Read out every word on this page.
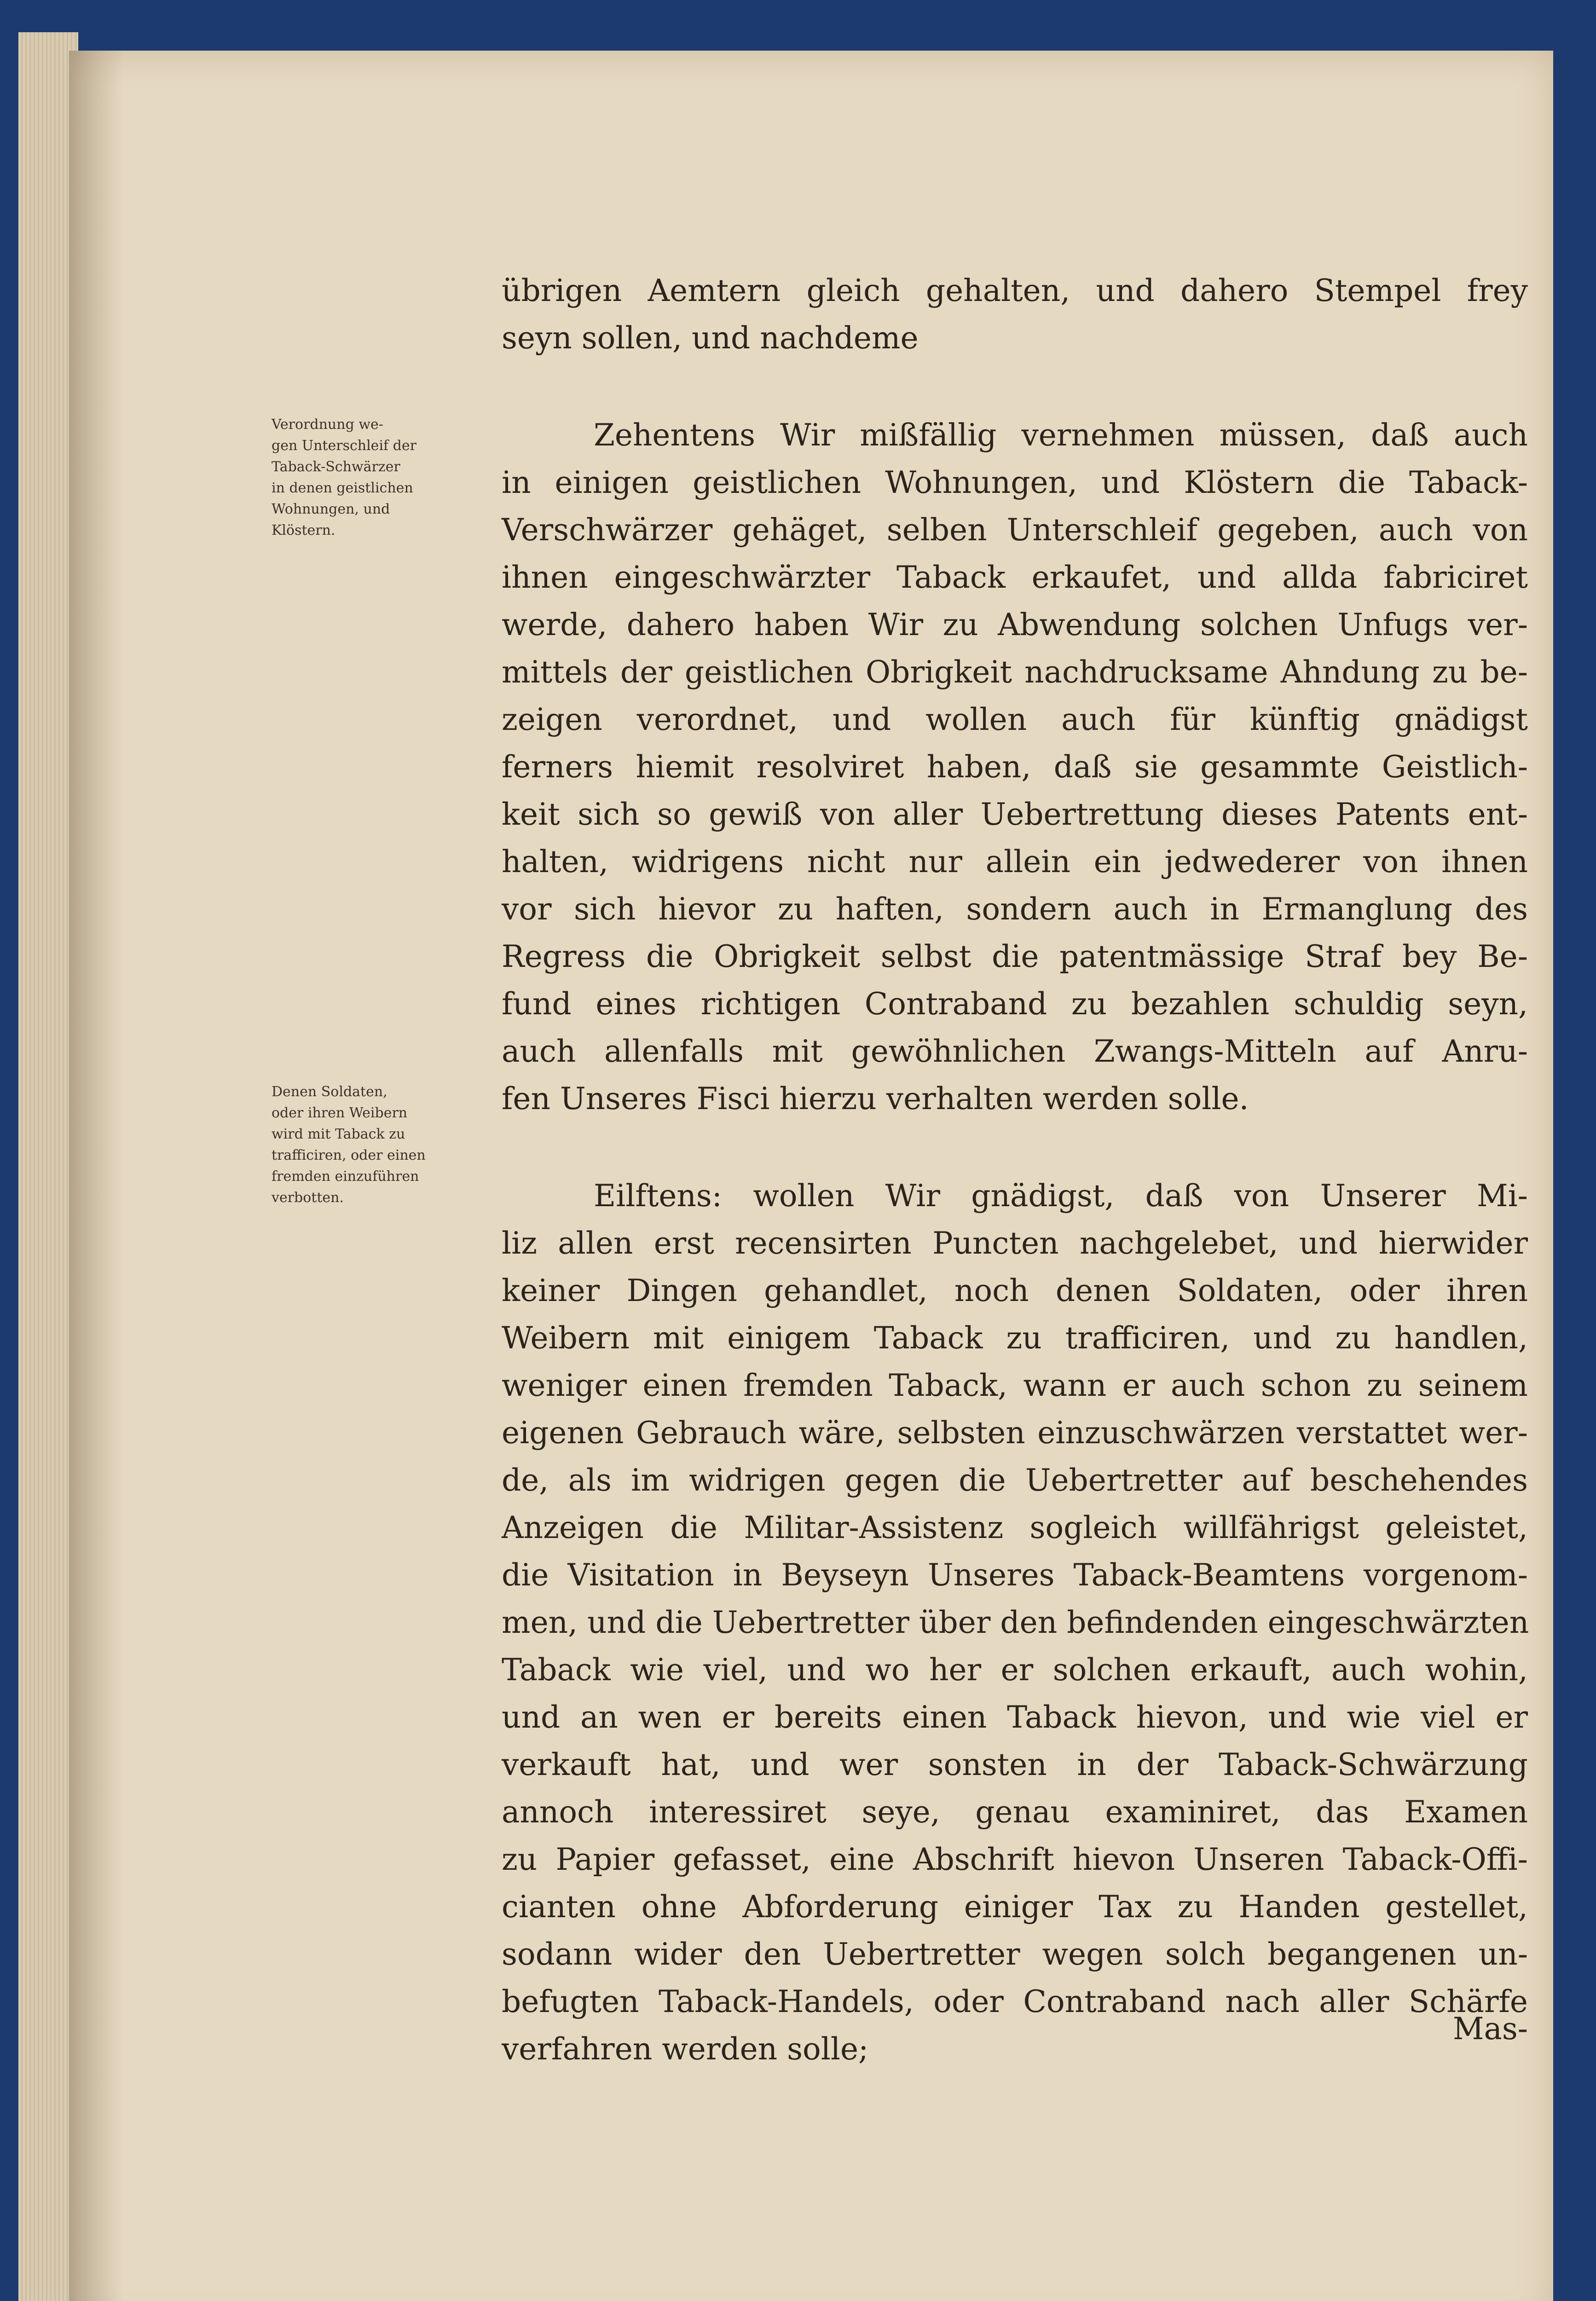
Verordnung we-
gen Unterschleif der
Taback-Schwärzer
in denen geistlichen
Wohnungen, und
Klöstern.
Denen Soldaten,
oder ihren Weibern
wird mit Taback zu
trafficiren, oder einen
fremden einzuführen
verbotten.
übrigen Aemtern gleich gehalten, und dahero Stempel frey
seyn sollen, und nachdeme
Zehentens Wir mißfällig vernehmen müssen, daß auch
in einigen geistlichen Wohnungen, und Klöstern die Taback-
Verschwärzer gehäget, selben Unterschleif gegeben, auch von
ihnen eingeschwärzter Taback erkaufet, und allda fabriciret
werde, dahero haben Wir zu Abwendung solchen Unfugs ver-
mittels der geistlichen Obrigkeit nachdrucksame Ahndung zu be-
zeigen verordnet, und wollen auch für künftig gnädigst
ferners hiemit resolviret haben, daß sie gesammte Geistlich-
keit sich so gewiß von aller Uebertrettung dieses Patents ent-
halten, widrigens nicht nur allein ein jedwederer von ihnen
vor sich hievor zu haften, sondern auch in Ermanglung des
Regress die Obrigkeit selbst die patentmässige Straf bey Be-
fund eines richtigen Contraband zu bezahlen schuldig seyn,
auch allenfalls mit gewöhnlichen Zwangs-Mitteln auf Anru-
fen Unseres Fisci hierzu verhalten werden solle.
Eilftens: wollen Wir gnädigst, daß von Unserer Mi-
liz allen erst recensirten Puncten nachgelebet, und hierwider
keiner Dingen gehandlet, noch denen Soldaten, oder ihren
Weibern mit einigem Taback zu trafficiren, und zu handlen,
weniger einen fremden Taback, wann er auch schon zu seinem
eigenen Gebrauch wäre, selbsten einzuschwärzen verstattet wer-
de, als im widrigen gegen die Uebertretter auf beschehendes
Anzeigen die Militar-Assistenz sogleich willfährigst geleistet,
die Visitation in Beyseyn Unseres Taback-Beamtens vorgenom-
men, und die Uebertretter über den befindenden eingeschwärzten
Taback wie viel, und wo her er solchen erkauft, auch wohin,
und an wen er bereits einen Taback hievon, und wie viel er
verkauft hat, und wer sonsten in der Taback-Schwärzung
annoch interessiret seye, genau examiniret, das Examen
zu Papier gefasset, eine Abschrift hievon Unseren Taback-Offi-
cianten ohne Abforderung einiger Tax zu Handen gestellet,
sodann wider den Uebertretter wegen solch begangenen un-
befugten Taback-Handels, oder Contraband nach aller Schärfe
verfahren werden solle;
Mas-
